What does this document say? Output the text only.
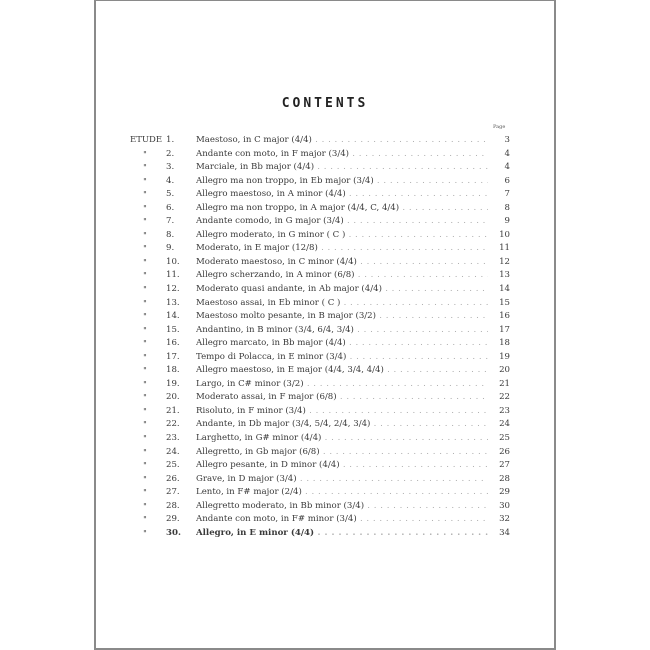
CONTENTS
Page
ETUDE 1.	Maestoso, in C major (4/4) . . .	3
"	2.	Andante con moto, in F major (3/4) . . .	4
"	3.	Marciale, in Bb major (4/4) . . .	4
"	4.	Allegro ma non troppo, in Eb major (3/4) . . .	6
"	5.	Allegro maestoso, in A minor (4/4) . . .	7
"	6.	Allegro ma non troppo, in A major (4/4, C, 4/4) . . .	8
"	7.	Andante comodo, in G major (3/4) . . .	9
"	8.	Allegro moderato, in G minor ( C ) . . .	10
"	9.	Moderato, in E major (12/8) . . .	11
"	10.	Moderato maestoso, in C minor (4/4) . . .	12
"	11.	Allegro scherzando, in A minor (6/8) . . .	13
"	12.	Moderato quasi andante, in Ab major (4/4) . . .	14
"	13.	Maestoso assai, in Eb minor ( C ) . . .	15
"	14.	Maestoso molto pesante, in B major (3/2) . . .	16
"	15.	Andantino, in B minor (3/4, 6/4, 3/4) . . .	17
"	16.	Allegro marcato, in Bb major (4/4) . . .	18
"	17.	Tempo di Polacca, in E minor (3/4) . . .	19
"	18.	Allegro maestoso, in E major (4/4, 3/4, 4/4) . . .	20
"	19.	Largo, in C# minor (3/2) . . .	21
"	20.	Moderato assai, in F major (6/8) . . .	22
"	21.	Risoluto, in F minor (3/4) . . .	23
"	22.	Andante, in Db major (3/4, 5/4, 2/4, 3/4) . . .	24
"	23.	Larghetto, in G# minor (4/4) . . .	25
"	24.	Allegretto, in Gb major (6/8) . . .	26
"	25.	Allegro pesante, in D minor (4/4) . . .	27
"	26.	Grave, in D major (3/4) . . .	28
"	27.	Lento, in F# major (2/4) . . .	29
"	28.	Allegretto moderato, in Bb minor (3/4) . . .	30
"	29.	Andante con moto, in F# minor (3/4) . . .	32
"	30.	Allegro, in E minor (4/4) . . .	34
